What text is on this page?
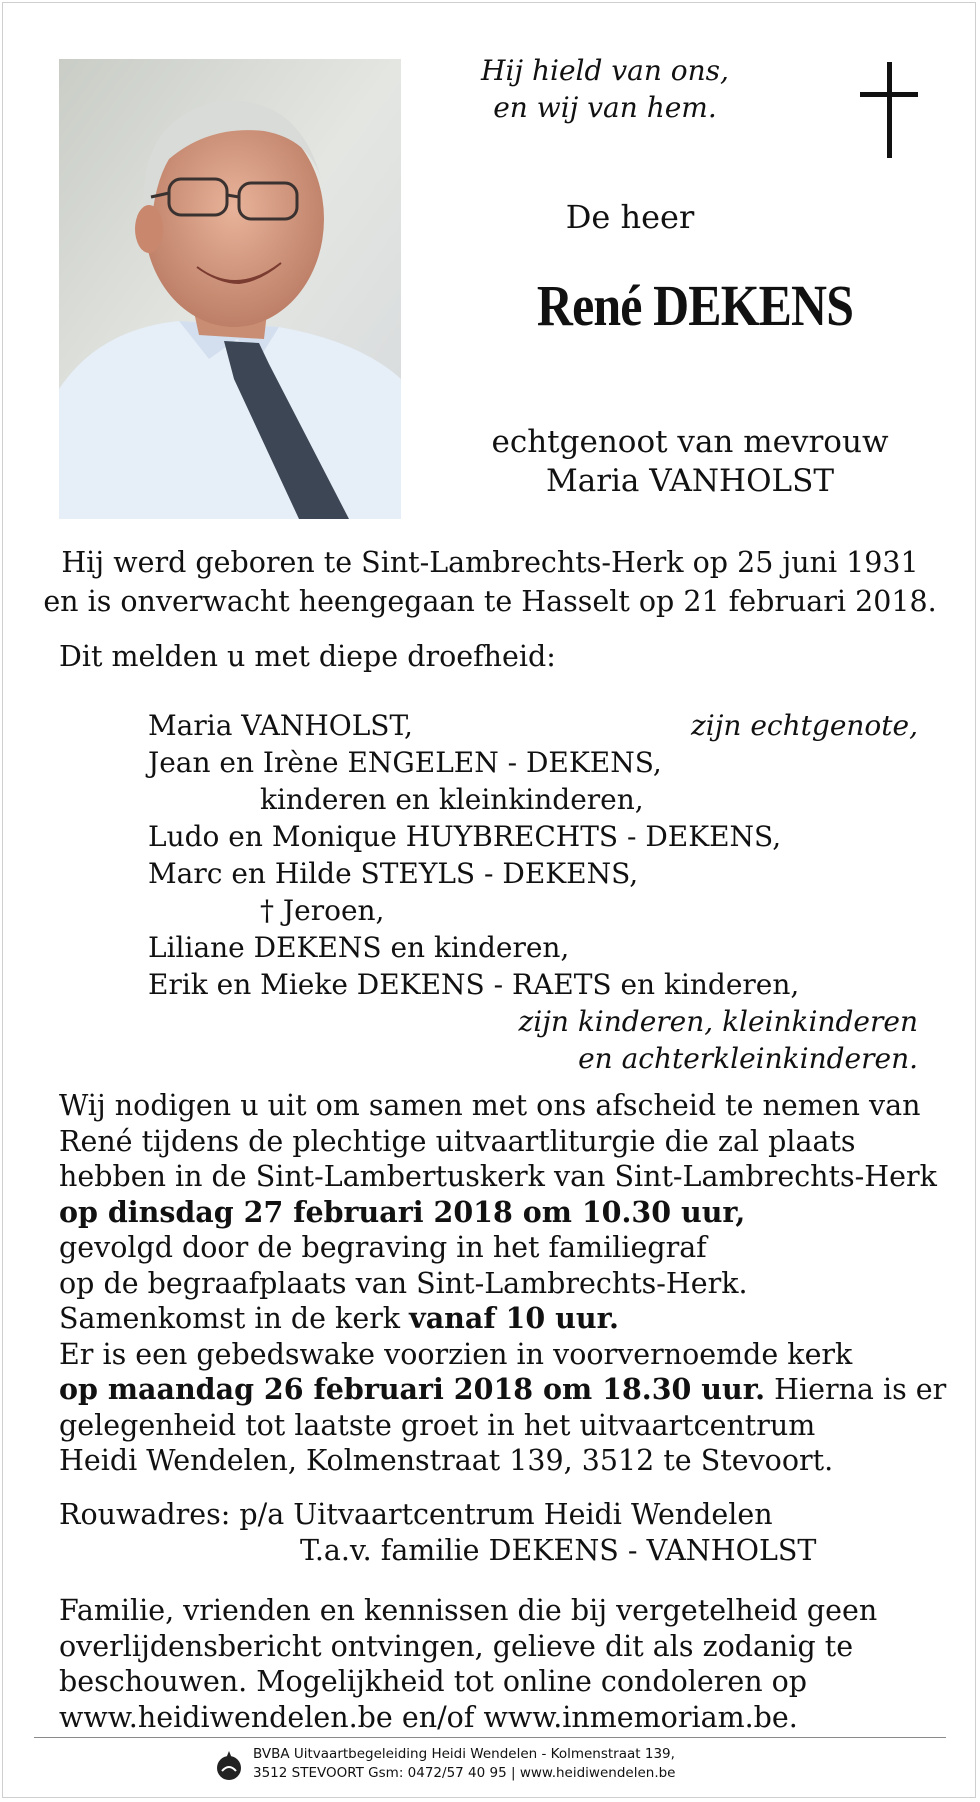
Hij hield van ons,
en wij van hem.
De heer
René DEKENS
echtgenoot van mevrouw
Maria VANHOLST
Hij werd geboren te Sint-Lambrechts-Herk op 25 juni 1931
en is onverwacht heengegaan te Hasselt op 21 februari 2018.
Dit melden u met diepe droefheid:
Maria VANHOLST,	zijn echtgenote,
Jean en Irène ENGELEN - DEKENS,
kinderen en kleinkinderen,
Ludo en Monique HUYBRECHTS - DEKENS,
Marc en Hilde STEYLS - DEKENS,
† Jeroen,
Liliane DEKENS en kinderen,
Erik en Mieke DEKENS - RAETS en kinderen,
zijn kinderen, kleinkinderen
en achterkleinkinderen.
Wij nodigen u uit om samen met ons afscheid te nemen van
René tijdens de plechtige uitvaartliturgie die zal plaats
hebben in de Sint-Lambertuskerk van Sint-Lambrechts-Herk
op dinsdag 27 februari 2018 om 10.30 uur,
gevolgd door de begraving in het familiegraf
op de begraafplaats van Sint-Lambrechts-Herk.
Samenkomst in de kerk vanaf 10 uur.
Er is een gebedswake voorzien in voorvernoemde kerk
op maandag 26 februari 2018 om 18.30 uur. Hierna is er
gelegenheid tot laatste groet in het uitvaartcentrum
Heidi Wendelen, Kolmenstraat 139, 3512 te Stevoort.
Rouwadres: p/a Uitvaartcentrum Heidi Wendelen
T.a.v. familie DEKENS - VANHOLST
Familie, vrienden en kennissen die bij vergetelheid geen
overlijdensbericht ontvingen, gelieve dit als zodanig te
beschouwen. Mogelijkheid tot online condoleren op
www.heidiwendelen.be en/of www.inmemoriam.be.
BVBA Uitvaartbegeleiding Heidi Wendelen - Kolmenstraat 139,
3512 STEVOORT Gsm: 0472/57 40 95 | www.heidiwendelen.be
